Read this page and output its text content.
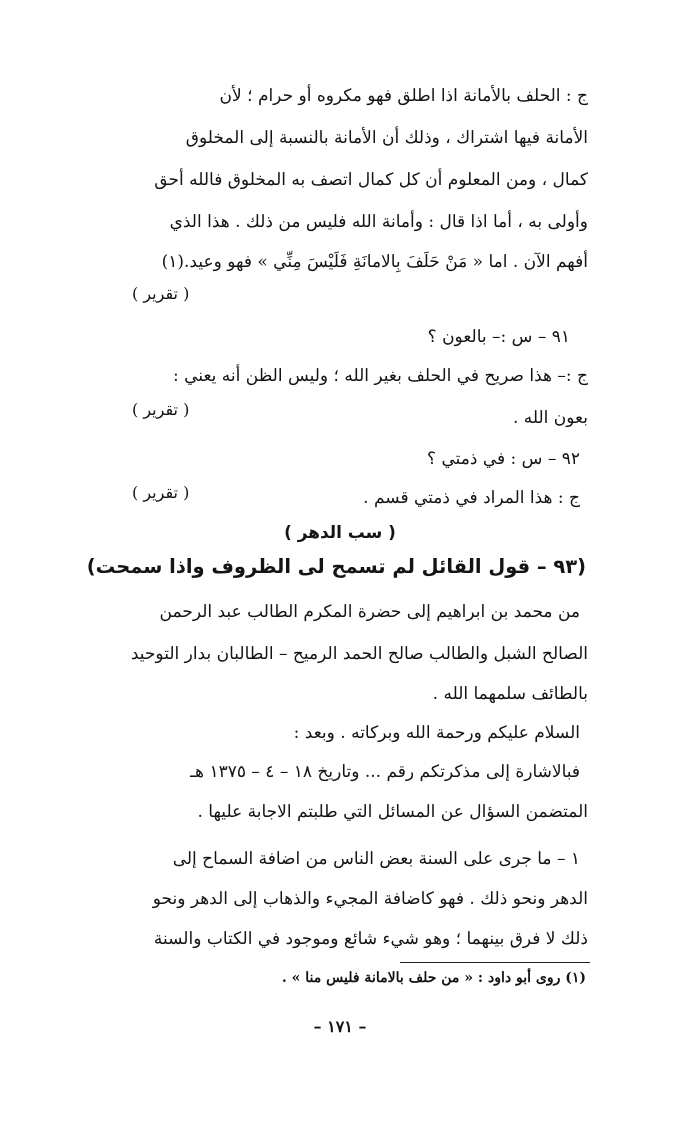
ج : الحلف بالأمانة اذا اطلق فهو مكروه أو حرام ؛ لأن
الأمانة فيها اشتراك ، وذلك أن الأمانة بالنسبة إلى المخلوق
كمال ، ومن المعلوم أن كل كمال اتصف به المخلوق فالله أحق
وأولى به ، أما اذا قال : وأمانة الله فليس من ذلك . هذا الذي
أفهم الآن . اما « مَنْ حَلَفَ بِالامانَةِ فَلَيْسَ مِنِّي » فهو وعيد.(١)
( تقرير )
٩١ – س :– بالعون ؟
ج :– هذا صريح في الحلف بغير الله ؛ وليس الظن أنه يعني :
( تقرير )	بعون الله .
٩٢ – س : في ذمتي ؟
ج : هذا المراد في ذمتي قسم .
( تقرير )
( سب الدهر )
(٩٣ – قول القائل لم تسمح لى الظروف واذا سمحت)
من محمد بن ابراهيم إلى حضرة المكرم الطالب عبد الرحمن
الصالح الشبل والطالب صالح الحمد الرميح – الطالبان بدار التوحيد
بالطائف سلمهما الله .
السلام عليكم ورحمة الله وبركاته . وبعد :
فبالاشارة إلى مذكرتكم رقم ... وتاريخ ١٨ – ٤ – ١٣٧٥ هـ
المتضمن السؤال عن المسائل التي طلبتم الاجابة عليها .
١ – ما جرى على السنة بعض الناس من اضافة السماح إلى
الدهر ونحو ذلك . فهو كاضافة المجيء والذهاب إلى الدهر ونحو
ذلك لا فرق بينهما ؛ وهو شيء شائع وموجود في الكتاب والسنة
(١) روى أبو داود : « من حلف بالامانة فليس منا » .
– ١٧١ –
